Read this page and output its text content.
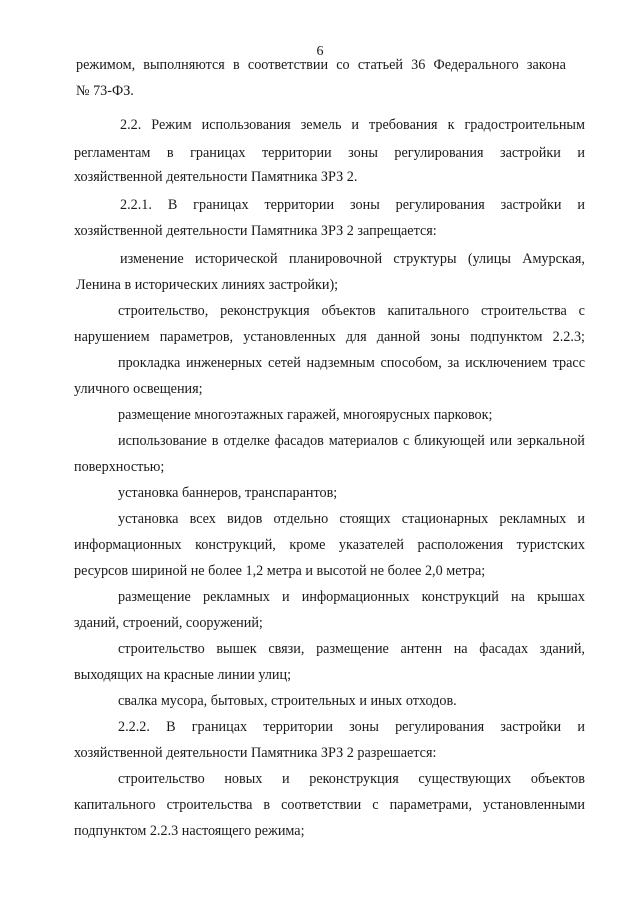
6
режимом, выполняются в соответствии со статьей 36 Федерального закона
№ 73-ФЗ.
2.2. Режим использования земель и требования к градостроительным
регламентам в границах территории зоны регулирования застройки и
хозяйственной деятельности Памятника ЗРЗ 2.
2.2.1. В границах территории зоны регулирования застройки и
хозяйственной деятельности Памятника ЗРЗ 2 запрещается:
изменение исторической планировочной структуры (улицы Амурская,
Ленина в исторических линиях застройки);
строительство, реконструкция объектов капитального строительства с
нарушением параметров, установленных для данной зоны подпунктом 2.2.3;
прокладка инженерных сетей надземным способом, за исключением трасс
уличного освещения;
размещение многоэтажных гаражей, многоярусных парковок;
использование в отделке фасадов материалов с бликующей или зеркальной
поверхностью;
установка баннеров, транспарантов;
установка всех видов отдельно стоящих стационарных рекламных и
информационных конструкций, кроме указателей расположения туристских
ресурсов шириной не более 1,2 метра и высотой не более 2,0 метра;
размещение рекламных и информационных конструкций на крышах
зданий, строений, сооружений;
строительство вышек связи, размещение антенн на фасадах зданий,
выходящих на красные линии улиц;
свалка мусора, бытовых, строительных и иных отходов.
2.2.2. В границах территории зоны регулирования застройки и
хозяйственной деятельности Памятника ЗРЗ 2 разрешается:
строительство новых и реконструкция существующих объектов
капитального строительства в соответствии с параметрами, установленными
подпунктом 2.2.3 настоящего режима;
